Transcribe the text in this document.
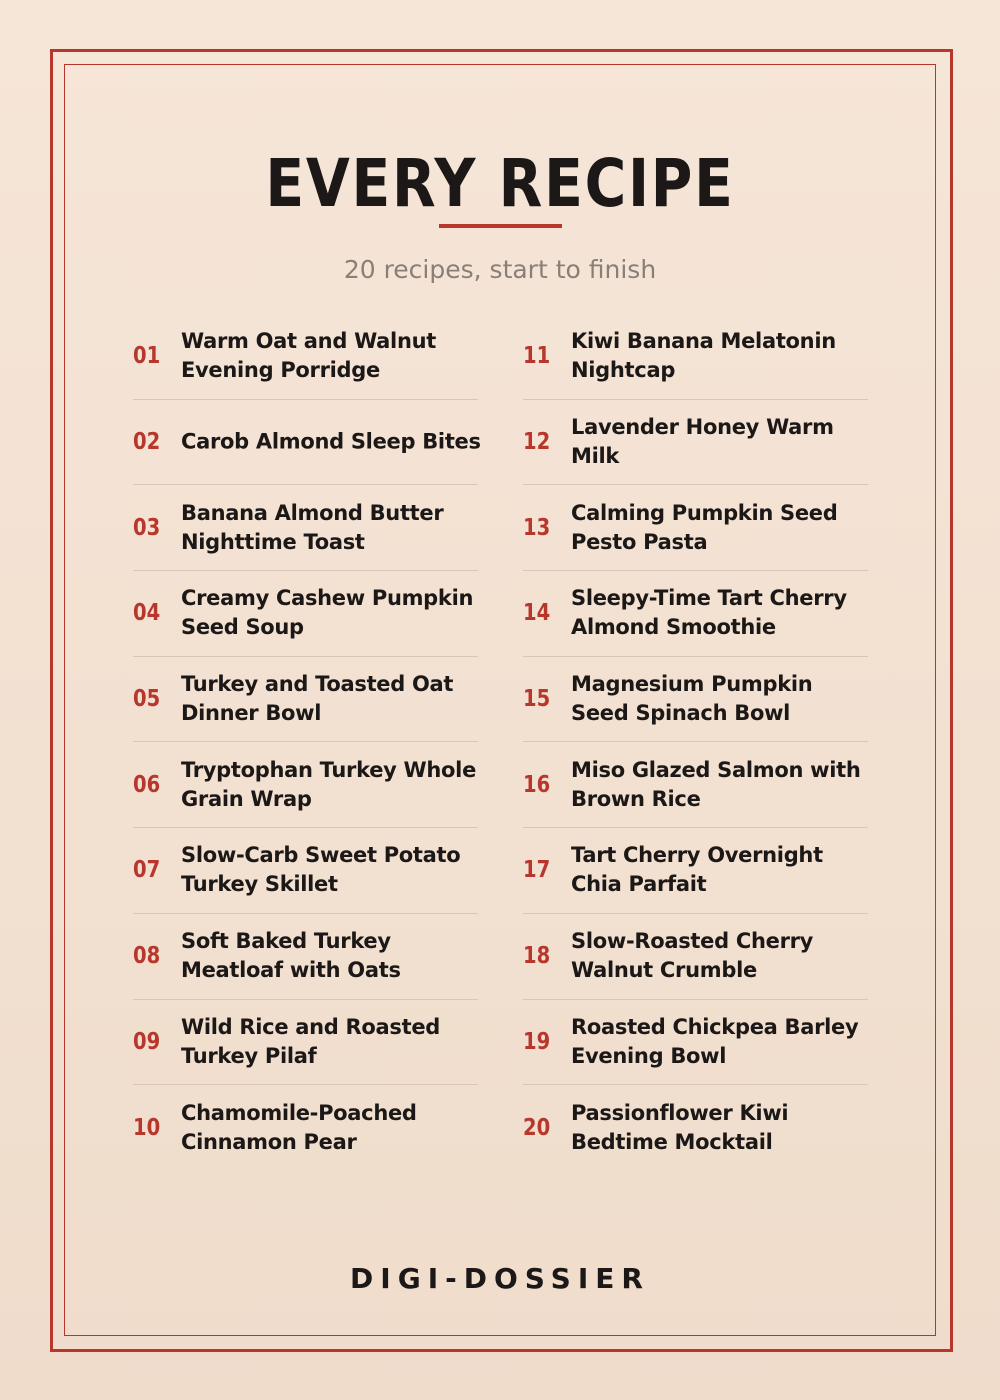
EVERY RECIPE
20 recipes, start to finish
01
Warm Oat and Walnut Evening Porridge
02 Carob Almond Sleep Bites
03
Banana Almond Butter Nighttime Toast
04
Creamy Cashew Pumpkin Seed Soup
05
Turkey and Toasted Oat Dinner Bowl
06
Tryptophan Turkey Whole Grain Wrap
07
Slow-Carb Sweet Potato Turkey Skillet
08
Soft Baked Turkey Meatloaf with Oats
09
Wild Rice and Roasted Turkey Pilaf
10
Chamomile-Poached Cinnamon Pear
11
Kiwi Banana Melatonin Nightcap
12
Lavender Honey Warm Milk
13
Calming Pumpkin Seed Pesto Pasta
14
Sleepy-Time Tart Cherry Almond Smoothie
15
Magnesium Pumpkin Seed Spinach Bowl
16
Miso Glazed Salmon with Brown Rice
17
Tart Cherry Overnight Chia Parfait
18
Slow-Roasted Cherry Walnut Crumble
19
Roasted Chickpea Barley Evening Bowl
20
Passionflower Kiwi Bedtime Mocktail
DIGI-DOSSIER
